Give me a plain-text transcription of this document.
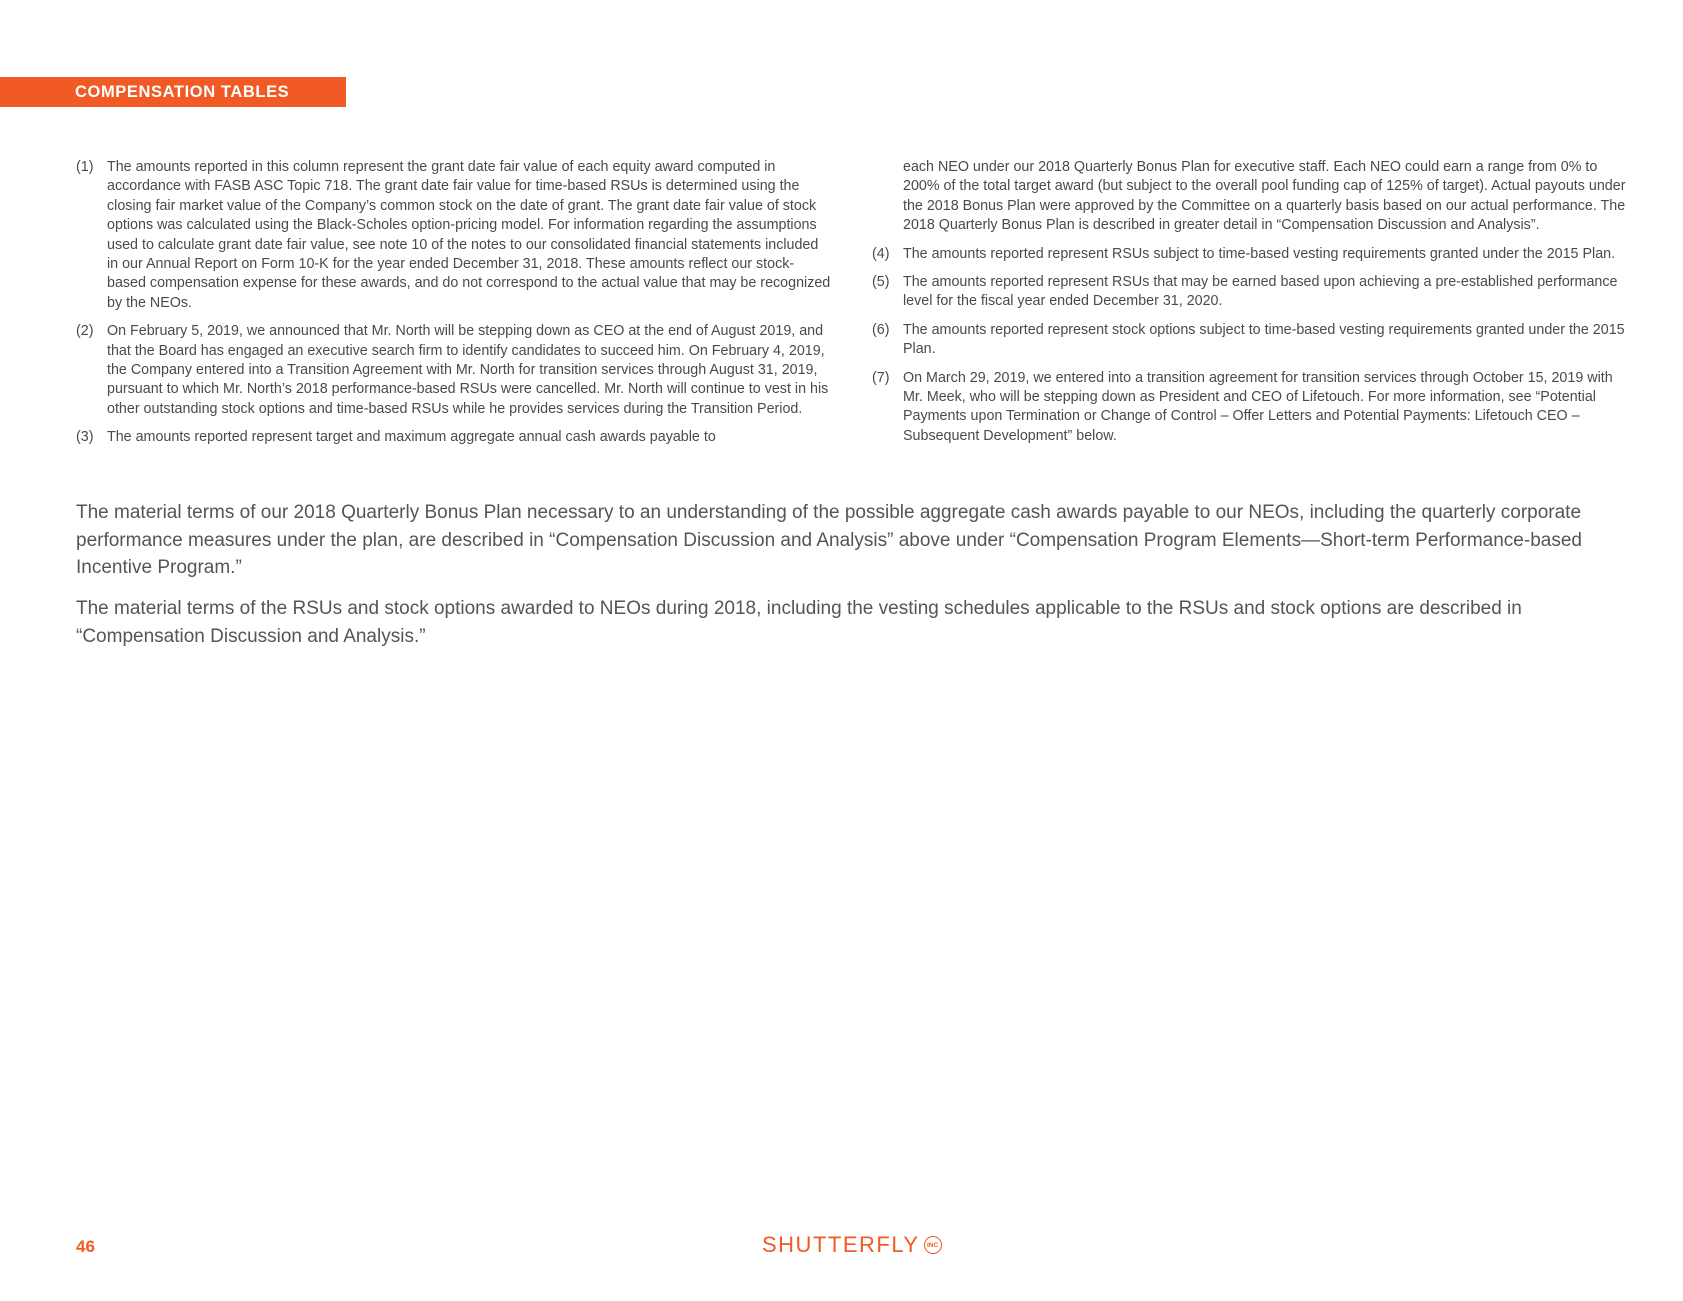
COMPENSATION TABLES
(1) The amounts reported in this column represent the grant date fair value of each equity award computed in accordance with FASB ASC Topic 718. The grant date fair value for time-based RSUs is determined using the closing fair market value of the Company’s common stock on the date of grant. The grant date fair value of stock options was calculated using the Black-Scholes option-pricing model. For information regarding the assumptions used to calculate grant date fair value, see note 10 of the notes to our consolidated financial statements included in our Annual Report on Form 10-K for the year ended December 31, 2018. These amounts reflect our stock-based compensation expense for these awards, and do not correspond to the actual value that may be recognized by the NEOs.
(2) On February 5, 2019, we announced that Mr. North will be stepping down as CEO at the end of August 2019, and that the Board has engaged an executive search firm to identify candidates to succeed him. On February 4, 2019, the Company entered into a Transition Agreement with Mr. North for transition services through August 31, 2019, pursuant to which Mr. North’s 2018 performance-based RSUs were cancelled. Mr. North will continue to vest in his other outstanding stock options and time-based RSUs while he provides services during the Transition Period.
(3) The amounts reported represent target and maximum aggregate annual cash awards payable to
each NEO under our 2018 Quarterly Bonus Plan for executive staff. Each NEO could earn a range from 0% to 200% of the total target award (but subject to the overall pool funding cap of 125% of target). Actual payouts under the 2018 Bonus Plan were approved by the Committee on a quarterly basis based on our actual performance. The 2018 Quarterly Bonus Plan is described in greater detail in “Compensation Discussion and Analysis”.
(4) The amounts reported represent RSUs subject to time-based vesting requirements granted under the 2015 Plan.
(5) The amounts reported represent RSUs that may be earned based upon achieving a pre-established performance level for the fiscal year ended December 31, 2020.
(6) The amounts reported represent stock options subject to time-based vesting requirements granted under the 2015 Plan.
(7) On March 29, 2019, we entered into a transition agreement for transition services through October 15, 2019 with Mr. Meek, who will be stepping down as President and CEO of Lifetouch. For more information, see “Potential Payments upon Termination or Change of Control – Offer Letters and Potential Payments: Lifetouch CEO – Subsequent Development” below.

The material terms of our 2018 Quarterly Bonus Plan necessary to an understanding of the possible aggregate cash awards payable to our NEOs, including the quarterly corporate performance measures under the plan, are described in “Compensation Discussion and Analysis” above under “Compensation Program Elements—Short-term Performance-based Incentive Program.”

The material terms of the RSUs and stock options awarded to NEOs during 2018, including the vesting schedules applicable to the RSUs and stock options are described in “Compensation Discussion and Analysis.”

46	SHUTTERFLY	INC
